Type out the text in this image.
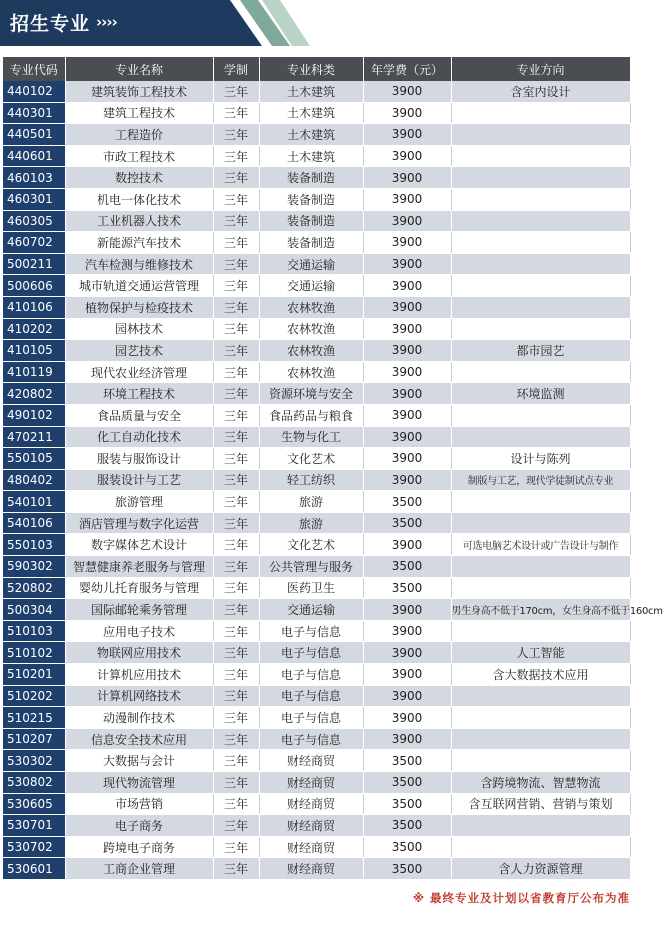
招生专业 ››››
专业代码	专业名称	学制	专业科类	年学费（元）	专业方向
440102	建筑装饰工程技术	三年	土木建筑	3900	含室内设计
440301	建筑工程技术	三年	土木建筑	3900	
440501	工程造价	三年	土木建筑	3900	
440601	市政工程技术	三年	土木建筑	3900	
460103	数控技术	三年	装备制造	3900	
460301	机电一体化技术	三年	装备制造	3900	
460305	工业机器人技术	三年	装备制造	3900	
460702	新能源汽车技术	三年	装备制造	3900	
500211	汽车检测与维修技术	三年	交通运输	3900	
500606	城市轨道交通运营管理	三年	交通运输	3900	
410106	植物保护与检疫技术	三年	农林牧渔	3900	
410202	园林技术	三年	农林牧渔	3900	
410105	园艺技术	三年	农林牧渔	3900	都市园艺
410119	现代农业经济管理	三年	农林牧渔	3900	
420802	环境工程技术	三年	资源环境与安全	3900	环境监测
490102	食品质量与安全	三年	食品药品与粮食	3900	
470211	化工自动化技术	三年	生物与化工	3900	
550105	服装与服饰设计	三年	文化艺术	3900	设计与陈列
480402	服装设计与工艺	三年	轻工纺织	3900	制版与工艺，现代学徒制试点专业
540101	旅游管理	三年	旅游	3500	
540106	酒店管理与数字化运营	三年	旅游	3500	
550103	数字媒体艺术设计	三年	文化艺术	3900	可选电脑艺术设计或广告设计与制作
590302	智慧健康养老服务与管理	三年	公共管理与服务	3500	
520802	婴幼儿托育服务与管理	三年	医药卫生	3500	
500304	国际邮轮乘务管理	三年	交通运输	3900	男生身高不低于170cm，女生身高不低于160cm
510103	应用电子技术	三年	电子与信息	3900	
510102	物联网应用技术	三年	电子与信息	3900	人工智能
510201	计算机应用技术	三年	电子与信息	3900	含大数据技术应用
510202	计算机网络技术	三年	电子与信息	3900	
510215	动漫制作技术	三年	电子与信息	3900	
510207	信息安全技术应用	三年	电子与信息	3900	
530302	大数据与会计	三年	财经商贸	3500	
530802	现代物流管理	三年	财经商贸	3500	含跨境物流、智慧物流
530605	市场营销	三年	财经商贸	3500	含互联网营销、营销与策划
530701	电子商务	三年	财经商贸	3500	
530702	跨境电子商务	三年	财经商贸	3500	
530601	工商企业管理	三年	财经商贸	3500	含人力资源管理
※ 最终专业及计划以省教育厅公布为准
